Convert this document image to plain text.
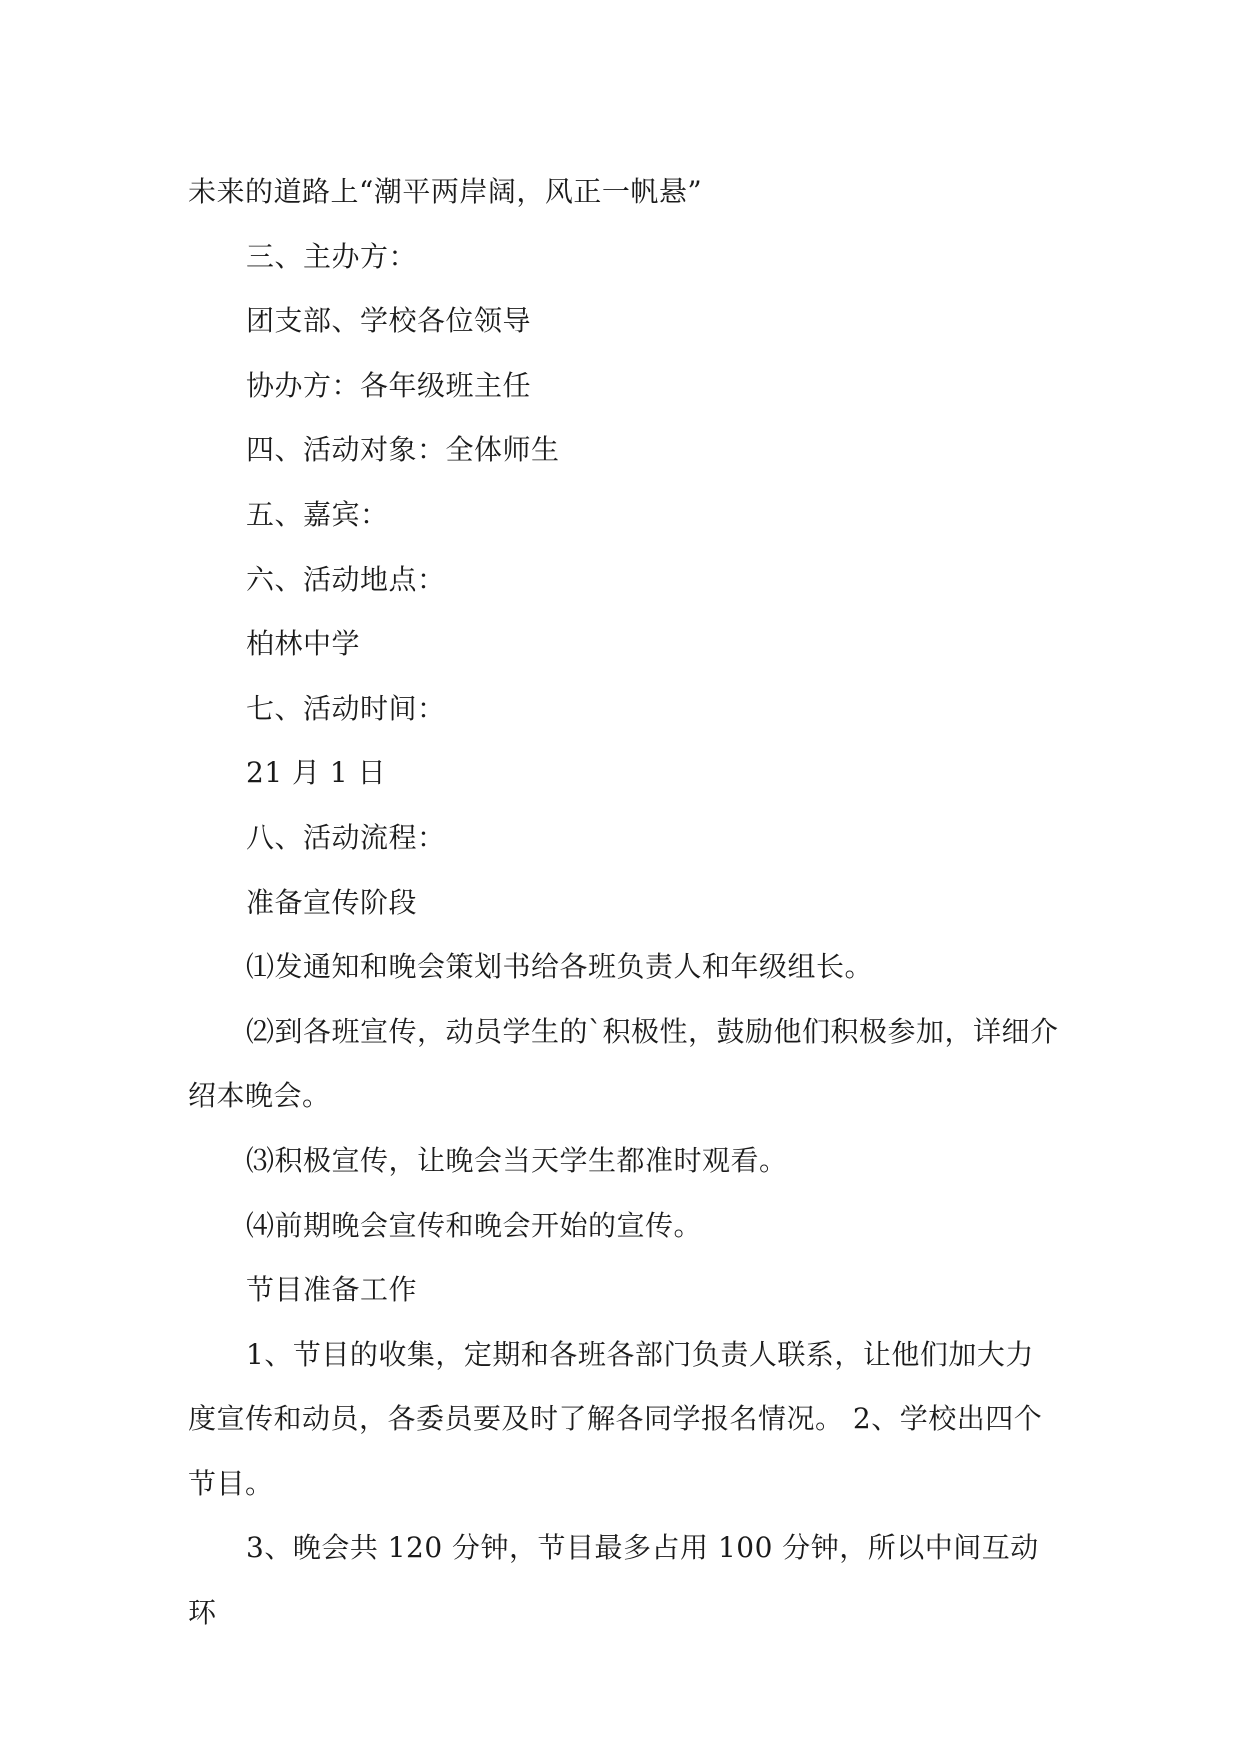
未来的道路上“潮平两岸阔，风正一帆悬”

三、主办方：

团支部、学校各位领导

协办方：各年级班主任

四、活动对象：全体师生

五、嘉宾：

六、活动地点：

柏林中学

七、活动时间：

21 月 1 日

八、活动流程：

准备宣传阶段

⑴发通知和晚会策划书给各班负责人和年级组长。

⑵到各班宣传，动员学生的`积极性，鼓励他们积极参加，详细介绍本晚会。

⑶积极宣传，让晚会当天学生都准时观看。

⑷前期晚会宣传和晚会开始的宣传。

节目准备工作

1、节目的收集，定期和各班各部门负责人联系，让他们加大力度宣传和动员，各委员要及时了解各同学报名情况。 2、学校出四个节目。

3、晚会共 120 分钟，节目最多占用 100 分钟，所以中间互动环
